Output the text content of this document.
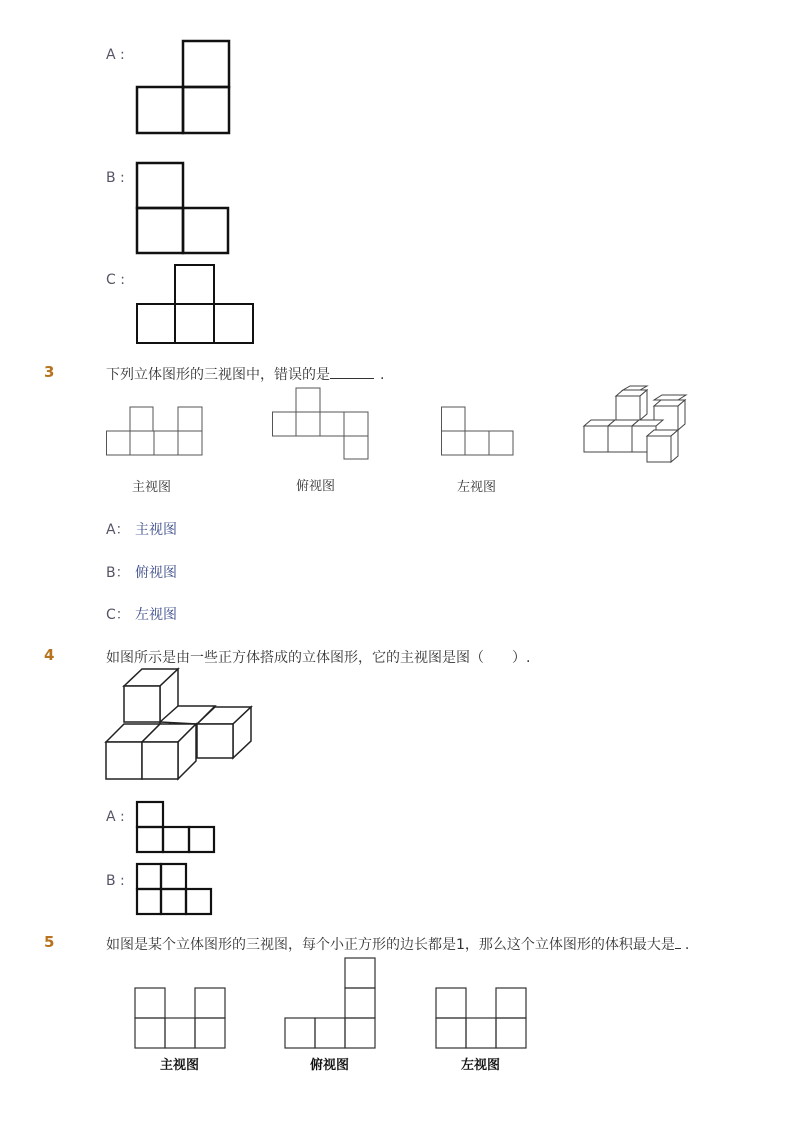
A :
B :
C :
3	下列立体图形的三视图中，错误的是	.
主视图	俯视图	左视图
A： 主视图
B： 俯视图
C： 左视图
4	如图所示是由一些正方体搭成的立体图形，它的主视图是图（　　）.
A :
B :
5	如图是某个立体图形的三视图，每个小正方形的边长都是1，那么这个立体图形的体积最大是 .
主视图	俯视图	左视图
